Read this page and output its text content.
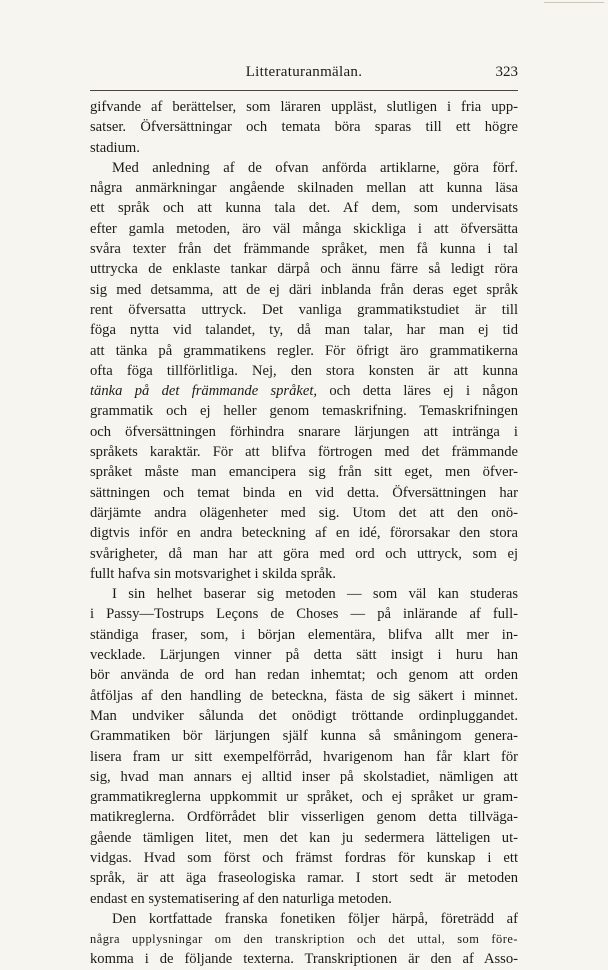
Litteraturanmälan.	323
gifvande af berättelser, som läraren uppläst, slutligen i fria upp-
satser. Öfversättningar och temata böra sparas till ett högre
stadium.
Med anledning af de ofvan anförda artiklarne, göra förf.
några anmärkningar angående skilnaden mellan att kunna läsa
ett språk och att kunna tala det. Af dem, som undervisats
efter gamla metoden, äro väl många skickliga i att öfversätta
svåra texter från det främmande språket, men få kunna i tal
uttrycka de enklaste tankar därpå och ännu färre så ledigt röra
sig med detsamma, att de ej däri inblanda från deras eget språk
rent öfversatta uttryck. Det vanliga grammatikstudiet är till
föga nytta vid talandet, ty, då man talar, har man ej tid
att tänka på grammatikens regler. För öfrigt äro grammatikerna
ofta föga tillförlitliga. Nej, den stora konsten är att kunna
tänka på det främmande språket, och detta läres ej i någon
grammatik och ej heller genom temaskrifning. Temaskrifningen
och öfversättningen förhindra snarare lärjungen att intränga i
språkets karaktär. För att blifva förtrogen med det främmande
språket måste man emancipera sig från sitt eget, men öfver-
sättningen och temat binda en vid detta. Öfversättningen har
därjämte andra olägenheter med sig. Utom det att den onö-
digtvis inför en andra beteckning af en idé, förorsakar den stora
svårigheter, då man har att göra med ord och uttryck, som ej
fullt hafva sin motsvarighet i skilda språk.
I sin helhet baserar sig metoden — som väl kan studeras
i Passy—Tostrups Leçons de Choses — på inlärande af full-
ständiga fraser, som, i början elementära, blifva allt mer in-
vecklade. Lärjungen vinner på detta sätt insigt i huru han
bör använda de ord han redan inhemtat; och genom att orden
åtföljas af den handling de beteckna, fästa de sig säkert i minnet.
Man undviker sålunda det onödigt tröttande ordinpluggandet.
Grammatiken bör lärjungen själf kunna så småningom genera-
lisera fram ur sitt exempelförråd, hvarigenom han får klart för
sig, hvad man annars ej alltid inser på skolstadiet, nämligen att
grammatikreglerna uppkommit ur språket, och ej språket ur gram-
matikreglerna. Ordförrådet blir visserligen genom detta tillväga-
gående tämligen litet, men det kan ju sedermera lätteligen ut-
vidgas. Hvad som först och främst fordras för kunskap i ett
språk, är att äga fraseologiska ramar. I stort sedt är metoden
endast en systematisering af den naturliga metoden.
Den kortfattade franska fonetiken följer härpå, företrädd af
några upplysningar om den transkription och det uttal, som före-
komma i de följande texterna. Transkriptionen är den af Asso-
